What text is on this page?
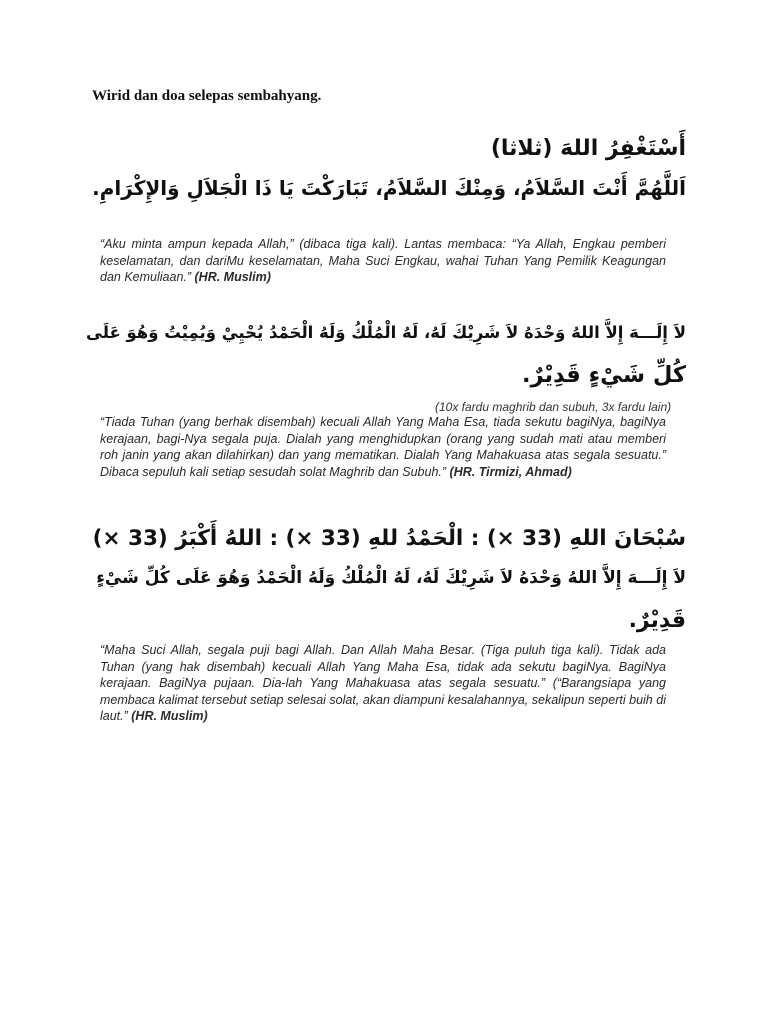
Wirid dan doa selepas sembahyang.
أَسْتَغْفِرُ اللهَ (ثلاثا)
اَللَّهُمَّ أَنْتَ السَّلاَمُ، وَمِنْكَ السَّلاَمُ، تَبَارَكْتَ يَا ذَا الْجَلاَلِ وَالإِكْرَامِ.
“Aku minta ampun kepada Allah,” (dibaca tiga kali). Lantas membaca: “Ya Allah, Engkau pemberi keselamatan, dan dariMu keselamatan, Maha Suci Engkau, wahai Tuhan Yang Pemilik Keagungan dan Kemuliaan.” (HR. Muslim)
لاَ إِلَـــهَ إِلاَّ اللهُ وَحْدَهُ لاَ شَرِيْكَ لَهُ، لَهُ الْمُلْكُ وَلَهُ الْحَمْدُ يُحْيِيْ وَيُمِيْتُ وَهُوَ عَلَى
كُلِّ شَيْءٍ قَدِيْرٌ.
(10x fardu maghrib dan subuh, 3x fardu lain)
“Tiada Tuhan (yang berhak disembah) kecuali Allah Yang Maha Esa, tiada sekutu bagiNya, bagiNya kerajaan, bagi-Nya segala puja. Dialah yang menghidupkan (orang yang sudah mati atau memberi roh janin yang akan dilahirkan) dan yang mematikan. Dialah Yang Mahakuasa atas segala sesuatu.” Dibaca sepuluh kali setiap sesudah solat Maghrib dan Subuh.” (HR. Tirmizi, Ahmad)
سُبْحَانَ اللهِ (33 ×) : الْحَمْدُ للهِ (33 ×) : اللهُ أَكْبَرُ (33 ×)
لاَ إِلَـــهَ إِلاَّ اللهُ وَحْدَهُ لاَ شَرِيْكَ لَهُ، لَهُ الْمُلْكُ وَلَهُ الْحَمْدُ وَهُوَ عَلَى كُلِّ شَيْءٍ
قَدِيْرٌ.
“Maha Suci Allah, segala puji bagi Allah. Dan Allah Maha Besar. (Tiga puluh tiga kali). Tidak ada Tuhan (yang hak disembah) kecuali Allah Yang Maha Esa, tidak ada sekutu bagiNya. BagiNya kerajaan. BagiNya pujaan. Dia-lah Yang Mahakuasa atas segala sesuatu.” (“Barangsiapa yang membaca kalimat tersebut setiap selesai solat, akan diampuni kesalahannya, sekalipun seperti buih di laut.” (HR. Muslim)
